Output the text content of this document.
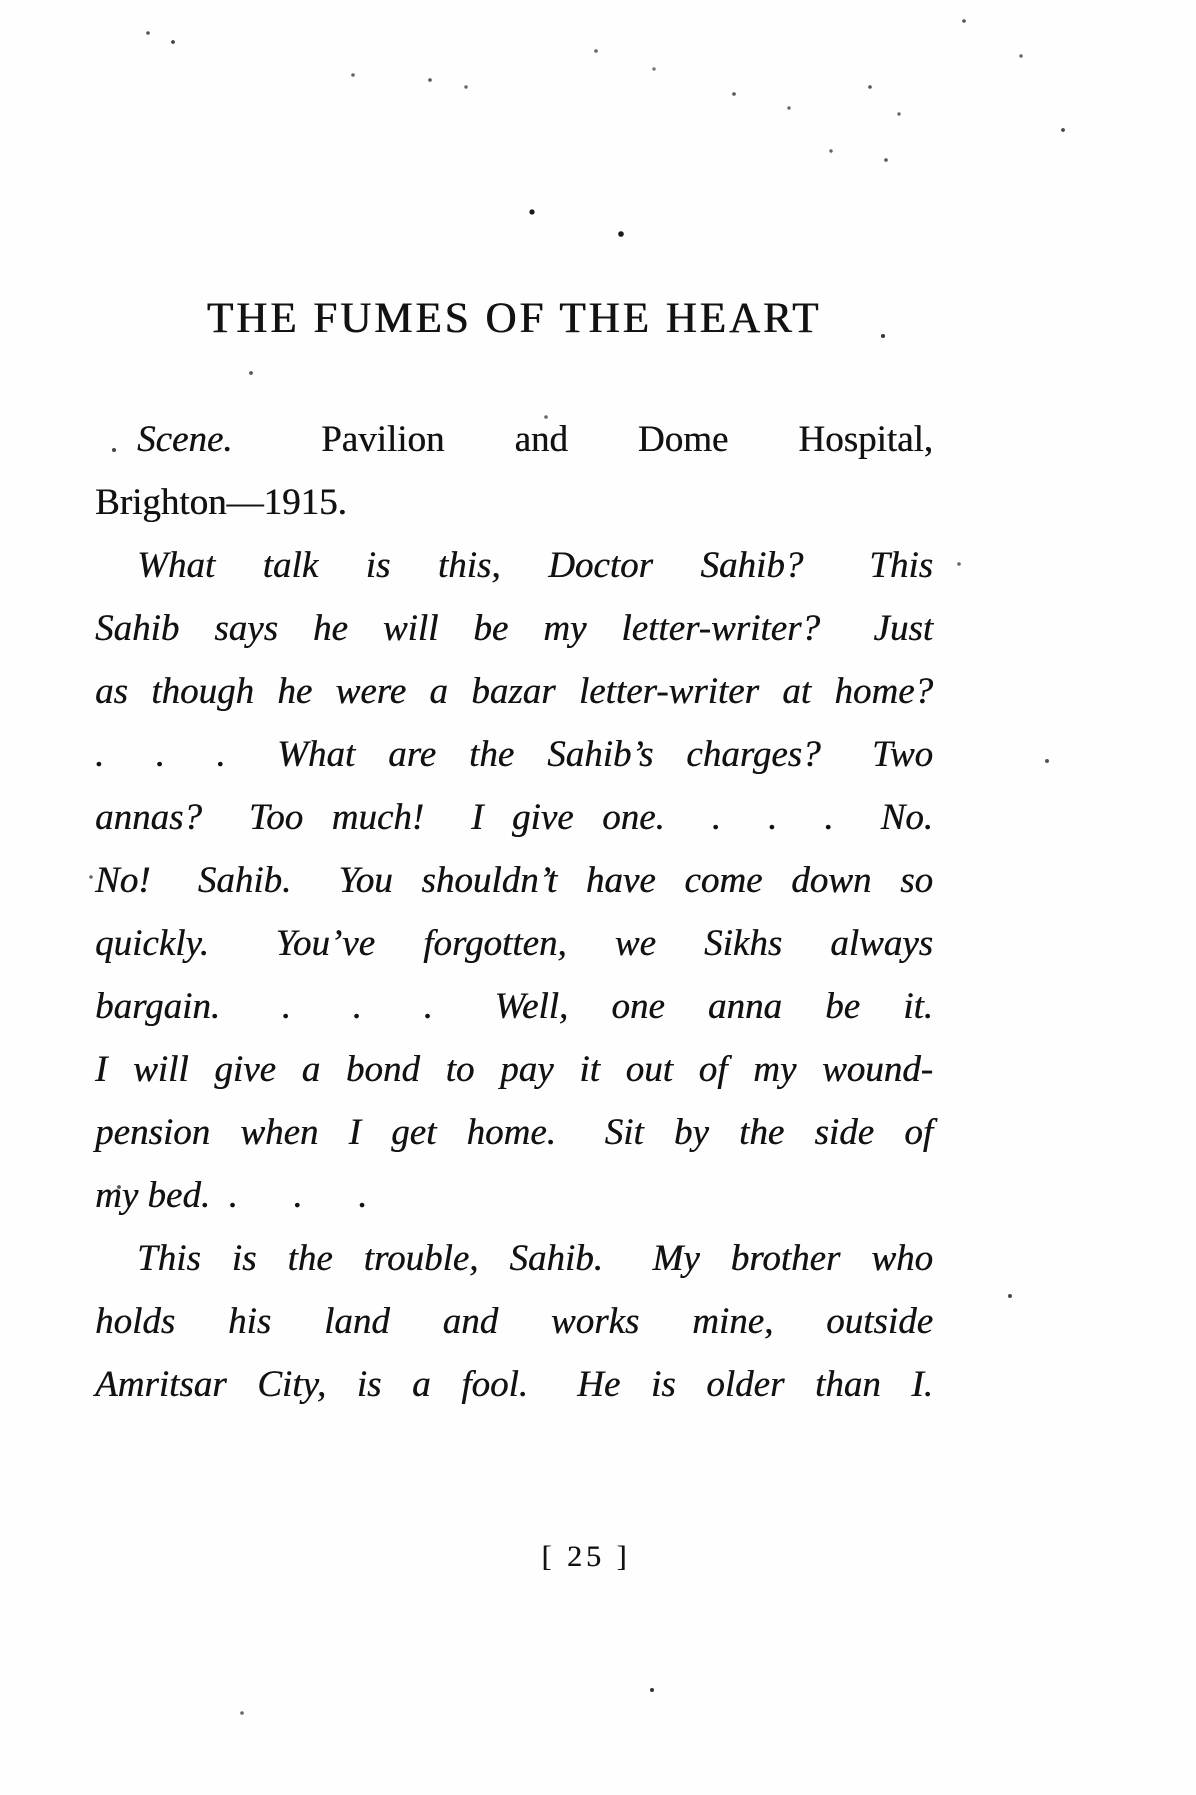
THE FUMES OF THE HEART
Scene.  Pavilion and Dome Hospital,
Brighton—1915.
What talk is this, Doctor Sahib?  This
Sahib says he will be my letter-writer?  Just
as though he were a bazar letter-writer at home?
.  .  .  What are the Sahib’s charges?  Two
annas?  Too much!  I give one.  .  .  .  No.
No!  Sahib.  You shouldn’t have come down so
quickly.  You’ve forgotten, we Sikhs always
bargain.  .  .  .  Well, one anna be it.
I will give a bond to pay it out of my wound-
pension when I get home.  Sit by the side of
my bed. .  .  .
This is the trouble, Sahib.  My brother who
holds his land and works mine, outside
Amritsar City, is a fool.  He is older than I.
[ 25 ]
